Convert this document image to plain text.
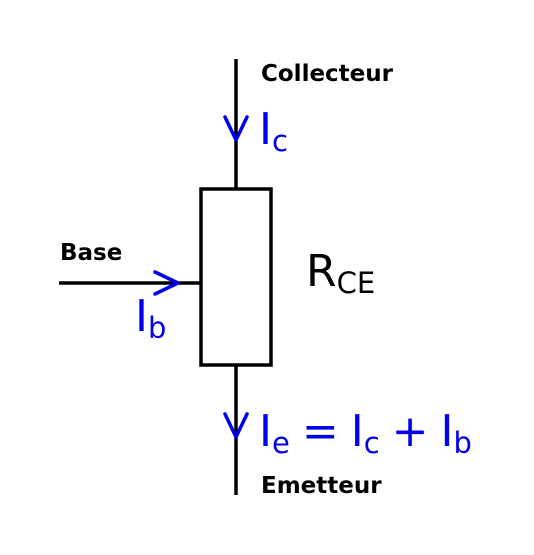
Collecteur
Base
Emetteur
RCE
Ic
Ib
Ie = Ic + Ib
